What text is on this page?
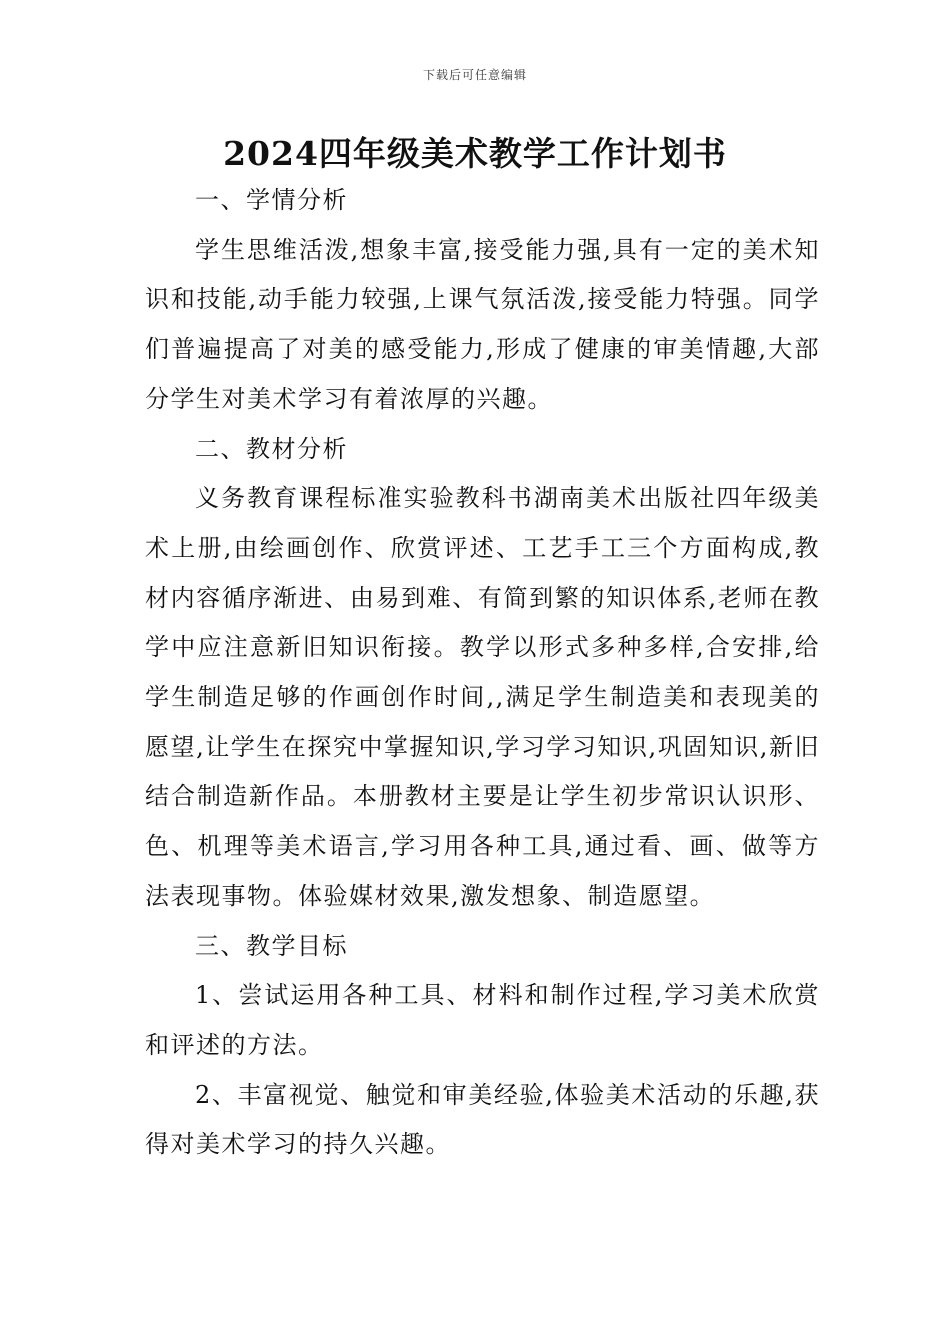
下载后可任意编辑
2024四年级美术教学工作计划书

一、学情分析

学生思维活泼,想象丰富,接受能力强,具有一定的美术知识和技能,动手能力较强,上课气氛活泼,接受能力特强。同学们普遍提高了对美的感受能力,形成了健康的审美情趣,大部分学生对美术学习有着浓厚的兴趣。

二、教材分析

义务教育课程标准实验教科书湖南美术出版社四年级美术上册,由绘画创作、欣赏评述、工艺手工三个方面构成,教材内容循序渐进、由易到难、有简到繁的知识体系,老师在教学中应注意新旧知识衔接。教学以形式多种多样,合安排,给学生制造足够的作画创作时间,,满足学生制造美和表现美的愿望,让学生在探究中掌握知识,学习学习知识,巩固知识,新旧结合制造新作品。本册教材主要是让学生初步常识认识形、色、机理等美术语言,学习用各种工具,通过看、画、做等方法表现事物。体验媒材效果,激发想象、制造愿望。

三、教学目标

1、尝试运用各种工具、材料和制作过程,学习美术欣赏和评述的方法。

2、丰富视觉、触觉和审美经验,体验美术活动的乐趣,获得对美术学习的持久兴趣。
